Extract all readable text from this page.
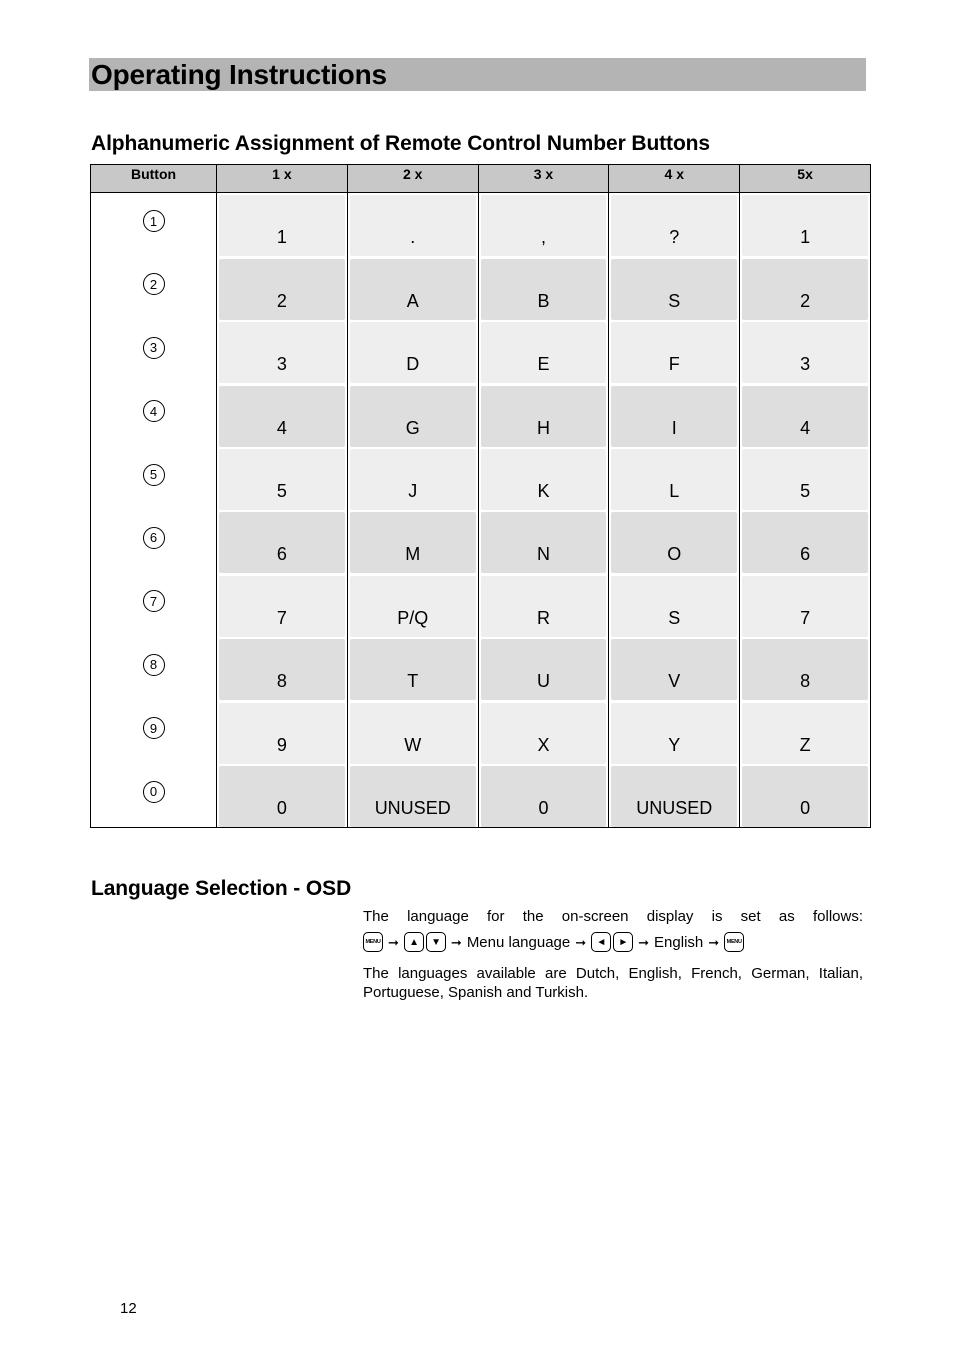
Operating Instructions
Alphanumeric Assignment of Remote Control Number Buttons
Button	1 x	2 x	3 x	4 x	5x

1	1	.	,	?	1

2	2	A	B	S	2

3	3	D	E	F	3

4	4	G	H	I	4

5	5	J	K	L	5

6	6	M	N	O	6

7	7	P/Q	R	S	7

8	8	T	U	V	8

9	9	W	X	Y	Z

0	0	UNUSED	0	UNUSED	0
Language Selection - OSD
The language for the on-screen display is set as follows:
MENU ➞	▲	▼ ➞ Menu language ➞	◄	► ➞ English ➞	MENU
The languages available are Dutch, English, French, German, Italian, Portuguese, Spanish and Turkish.
12
